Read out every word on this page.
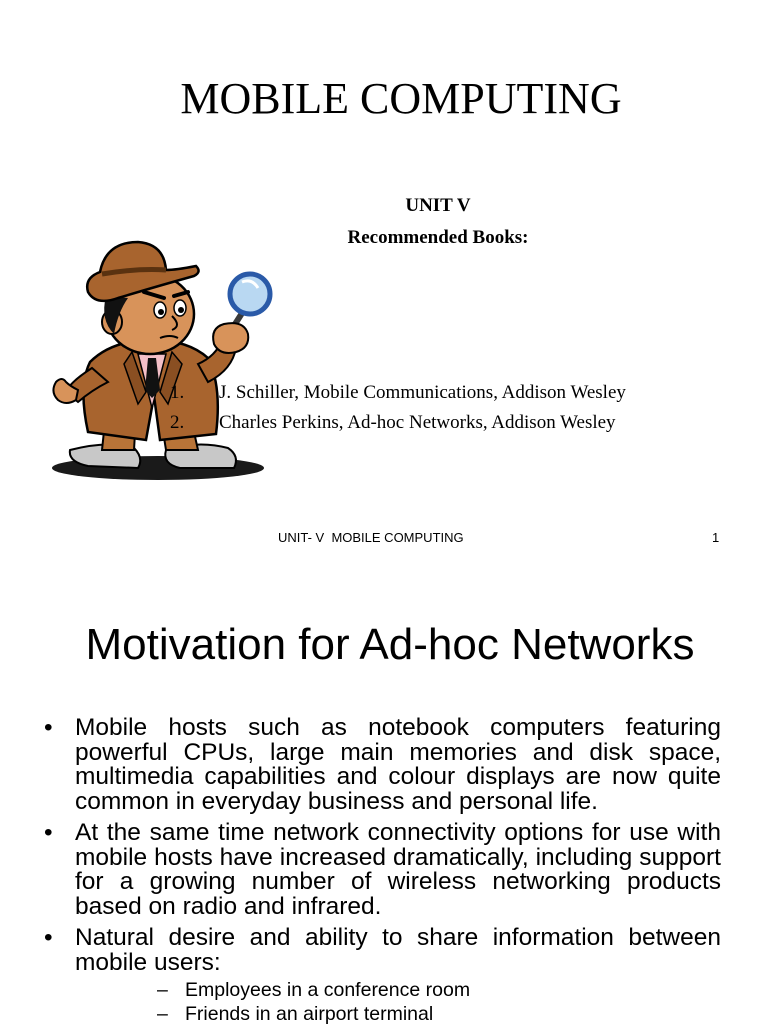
MOBILE COMPUTING
UNIT V
Recommended Books:
1. J. Schiller, Mobile Communications, Addison Wesley
2. Charles Perkins, Ad-hoc Networks, Addison Wesley
UNIT- V  MOBILE COMPUTING	1
Motivation for Ad-hoc Networks
• Mobile hosts such as notebook computers featuring powerful CPUs, large main memories and disk space, multimedia capabilities and colour displays are now quite common in everyday business and personal life.
• At the same time network connectivity options for use with mobile hosts have increased dramatically, including support for a growing number of wireless networking products based on radio and infrared.
• Natural desire and ability to share information between mobile users:
– Employees in a conference room
– Friends in an airport terminal
